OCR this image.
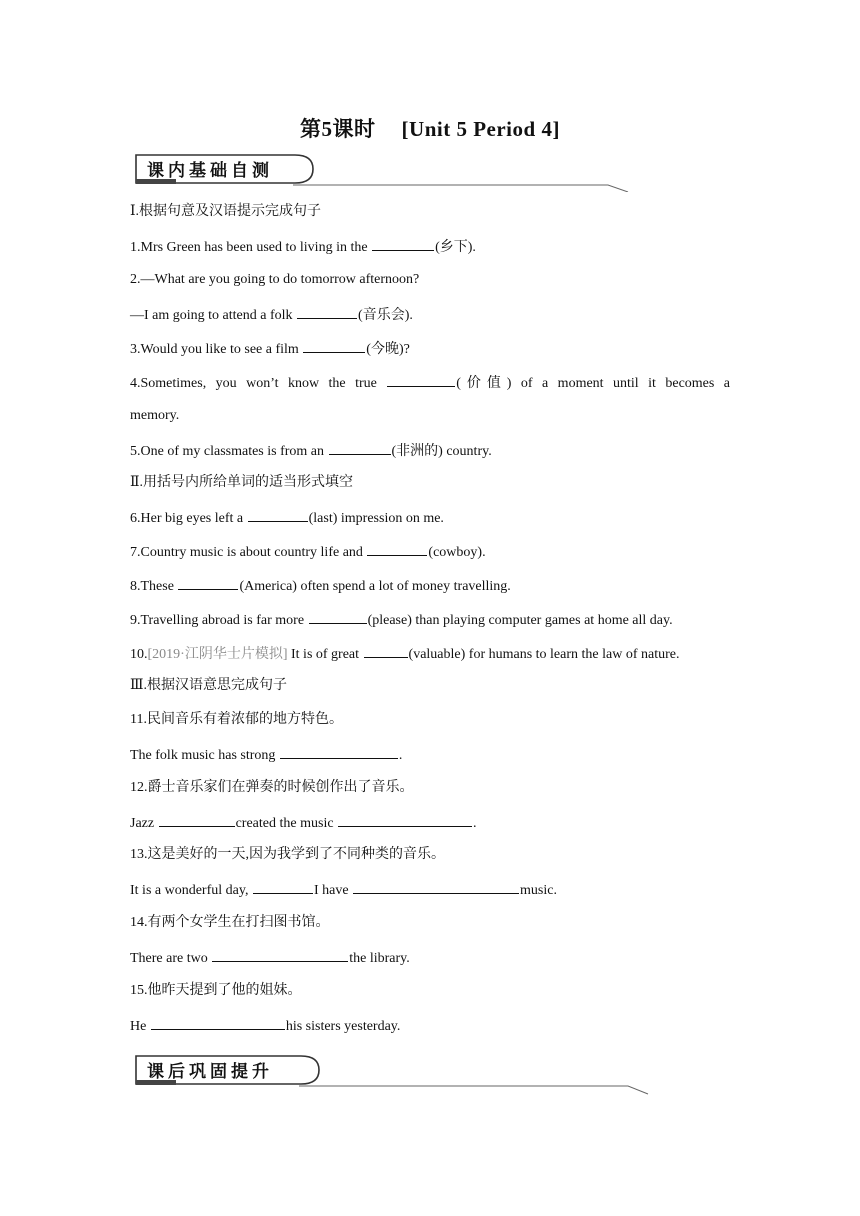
第5课时 [Unit 5 Period 4]
课内基础自测
Ⅰ.根据句意及汉语提示完成句子
1.Mrs Green has been used to living in the	(乡下).
2.—What are you going to do tomorrow afternoon?
—I am going to attend a folk	(音乐会).
3.Would you like to see a film	(今晚)?
4.Sometimes, you won’t know the true	(价值) of a moment until it becomes a
memory.
5.One of my classmates is from an	(非洲的) country.
Ⅱ.用括号内所给单词的适当形式填空
6.Her big eyes left a	(last) impression on me.
7.Country music is about country life and	(cowboy).
8.These	(America) often spend a lot of money travelling.
9.Travelling abroad is far more	(please) than playing computer games at home all day.
10.[2019·江阴华士片模拟] It is of great	(valuable) for humans to learn the law of nature.
Ⅲ.根据汉语意思完成句子
11.民间音乐有着浓郁的地方特色。
The folk music has strong	.
12.爵士音乐家们在弹奏的时候创作出了音乐。
Jazz	created the music	.
13.这是美好的一天,因为我学到了不同种类的音乐。
It is a wonderful day,	I have	music.
14.有两个女学生在打扫图书馆。
There are two	the library.
15.他昨天提到了他的姐妹。
He	his sisters yesterday.
课后巩固提升
